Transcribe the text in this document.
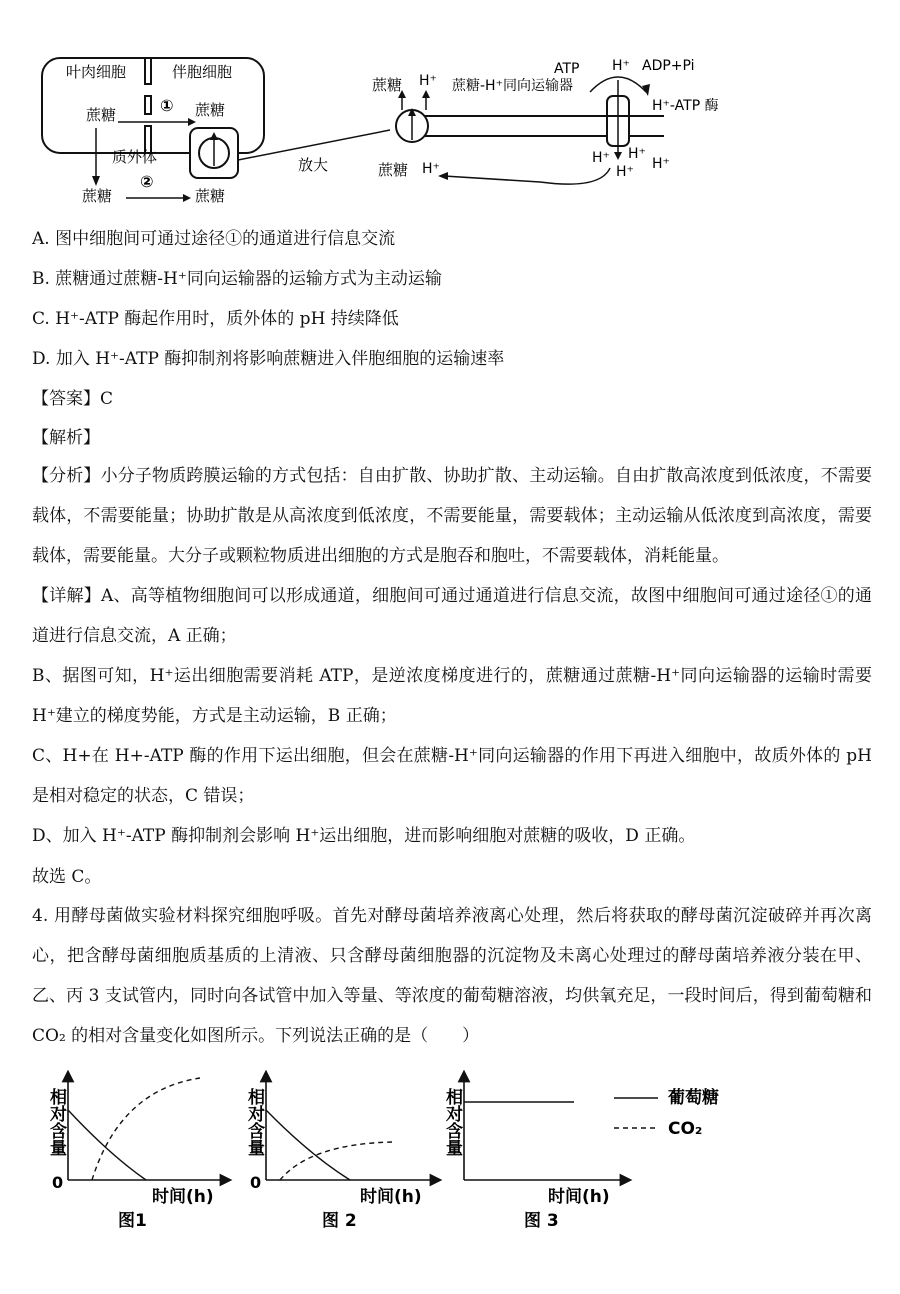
叶肉细胞	伴胞细胞
蔗糖	① 蔗糖
质外体
蔗糖
②
蔗糖
放大
蔗糖 H⁺ 蔗糖-H⁺同向运输器
蔗糖 H⁺
ATP H⁺ ADP+Pi
H⁺-ATP 酶
H⁺ H⁺
H⁺
H⁺
A. 图中细胞间可通过途径①的通道进行信息交流
B. 蔗糖通过蔗糖-H⁺同向运输器的运输方式为主动运输
C. H⁺-ATP 酶起作用时，质外体的 pH 持续降低
D. 加入 H⁺-ATP 酶抑制剂将影响蔗糖进入伴胞细胞的运输速率
【答案】C
【解析】
【分析】小分子物质跨膜运输的方式包括：自由扩散、协助扩散、主动运输。自由扩散高浓度到低浓度，不需要载体，不需要能量；协助扩散是从高浓度到低浓度，不需要能量，需要载体；主动运输从低浓度到高浓度，需要载体，需要能量。大分子或颗粒物质进出细胞的方式是胞吞和胞吐，不需要载体，消耗能量。
【详解】A、高等植物细胞间可以形成通道，细胞间可通过通道进行信息交流，故图中细胞间可通过途径①的通道进行信息交流，A 正确；
B、据图可知，H⁺运出细胞需要消耗 ATP，是逆浓度梯度进行的，蔗糖通过蔗糖-H⁺同向运输器的运输时需要 H⁺建立的梯度势能，方式是主动运输，B 正确；
C、H+在 H+-ATP 酶的作用下运出细胞，但会在蔗糖-H⁺同向运输器的作用下再进入细胞中，故质外体的 pH 是相对稳定的状态，C 错误；
D、加入 H⁺-ATP 酶抑制剂会影响 H⁺运出细胞，进而影响细胞对蔗糖的吸收，D 正确。
故选 C。
4. 用酵母菌做实验材料探究细胞呼吸。首先对酵母菌培养液离心处理，然后将获取的酵母菌沉淀破碎并再次离心，把含酵母菌细胞质基质的上清液、只含酵母菌细胞器的沉淀物及未离心处理过的酵母菌培养液分装在甲、乙、丙 3 支试管内，同时向各试管中加入等量、等浓度的葡萄糖溶液，均供氧充足，一段时间后，得到葡萄糖和 CO₂ 的相对含量变化如图所示。下列说法正确的是（　　）
相对含量
0
时间(h)
图1
相对含量
0
时间(h)
图 2
相对含量
时间(h)
图 3
葡萄糖
CO₂
